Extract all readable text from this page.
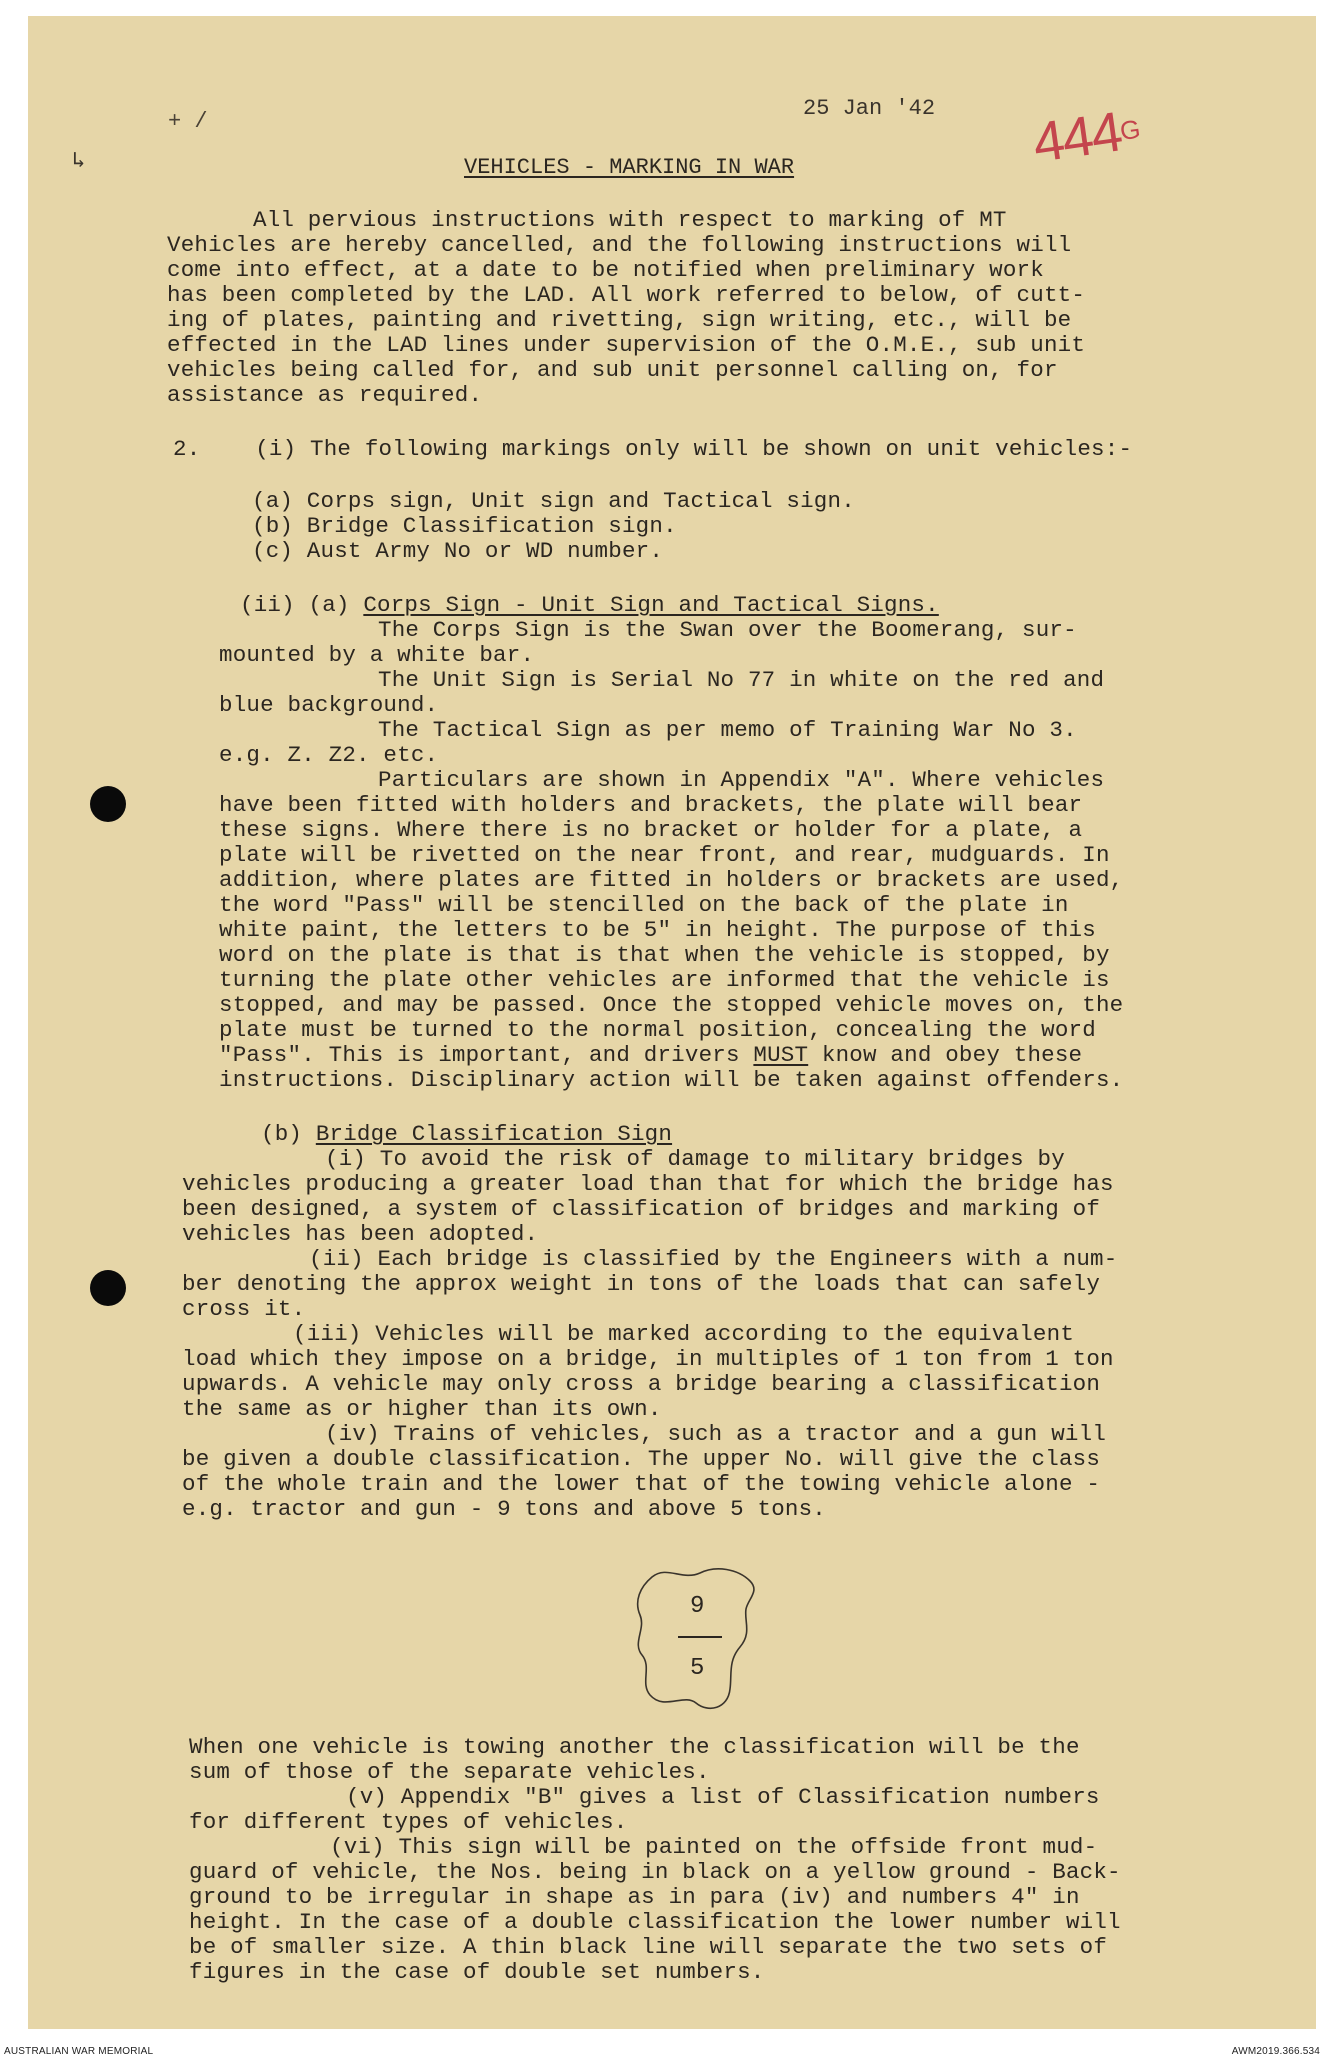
+ /
↳
25 Jan '42 $444^G$
VEHICLES - MARKING IN WAR
All pervious instructions with respect to marking of MT
Vehicles are hereby cancelled, and the following instructions will
come into effect, at a date to be notified when preliminary work
has been completed by the LAD. All work referred to below, of cutt-
ing of plates, painting and rivetting, sign writing, etc., will be
effected in the LAD lines under supervision of the O.M.E., sub unit
vehicles being called for, and sub unit personnel calling on, for
assistance as required.
2.    (i) The following markings only will be shown on unit vehicles:-
(a) Corps sign, Unit sign and Tactical sign.
(b) Bridge Classification sign.
(c) Aust Army No or WD number.
(ii) (a) Corps Sign - Unit Sign and Tactical Signs.
The Corps Sign is the Swan over the Boomerang, sur-
mounted by a white bar.
The Unit Sign is Serial No 77 in white on the red and
blue background.
The Tactical Sign as per memo of Training War No 3.
e.g. Z. Z2. etc.
Particulars are shown in Appendix "A". Where vehicles
have been fitted with holders and brackets, the plate will bear
these signs. Where there is no bracket or holder for a plate, a
plate will be rivetted on the near front, and rear, mudguards. In
addition, where plates are fitted in holders or brackets are used,
the word "Pass" will be stencilled on the back of the plate in
white paint, the letters to be 5" in height. The purpose of this
word on the plate is that is that when the vehicle is stopped, by
turning the plate other vehicles are informed that the vehicle is
stopped, and may be passed. Once the stopped vehicle moves on, the
plate must be turned to the normal position, concealing the word
"Pass". This is important, and drivers MUST know and obey these
instructions. Disciplinary action will be taken against offenders.
(b) Bridge Classification Sign
(i) To avoid the risk of damage to military bridges by
vehicles producing a greater load than that for which the bridge has
been designed, a system of classification of bridges and marking of
vehicles has been adopted.
(ii) Each bridge is classified by the Engineers with a num-
ber denoting the approx weight in tons of the loads that can safely
cross it.
(iii) Vehicles will be marked according to the equivalent
load which they impose on a bridge, in multiples of 1 ton from 1 ton
upwards. A vehicle may only cross a bridge bearing a classification
the same as or higher than its own.
(iv) Trains of vehicles, such as a tractor and a gun will
be given a double classification. The upper No. will give the class
of the whole train and the lower that of the towing vehicle alone -
e.g. tractor and gun - 9 tons and above 5 tons.
9
5
When one vehicle is towing another the classification will be the
sum of those of the separate vehicles.
(v) Appendix "B" gives a list of Classification numbers
for different types of vehicles.
(vi) This sign will be painted on the offside front mud-
guard of vehicle, the Nos. being in black on a yellow ground - Back-
ground to be irregular in shape as in para (iv) and numbers 4" in
height. In the case of a double classification the lower number will
be of smaller size. A thin black line will separate the two sets of
figures in the case of double set numbers.
AUSTRALIAN WAR MEMORIAL	AWM2019.366.534
